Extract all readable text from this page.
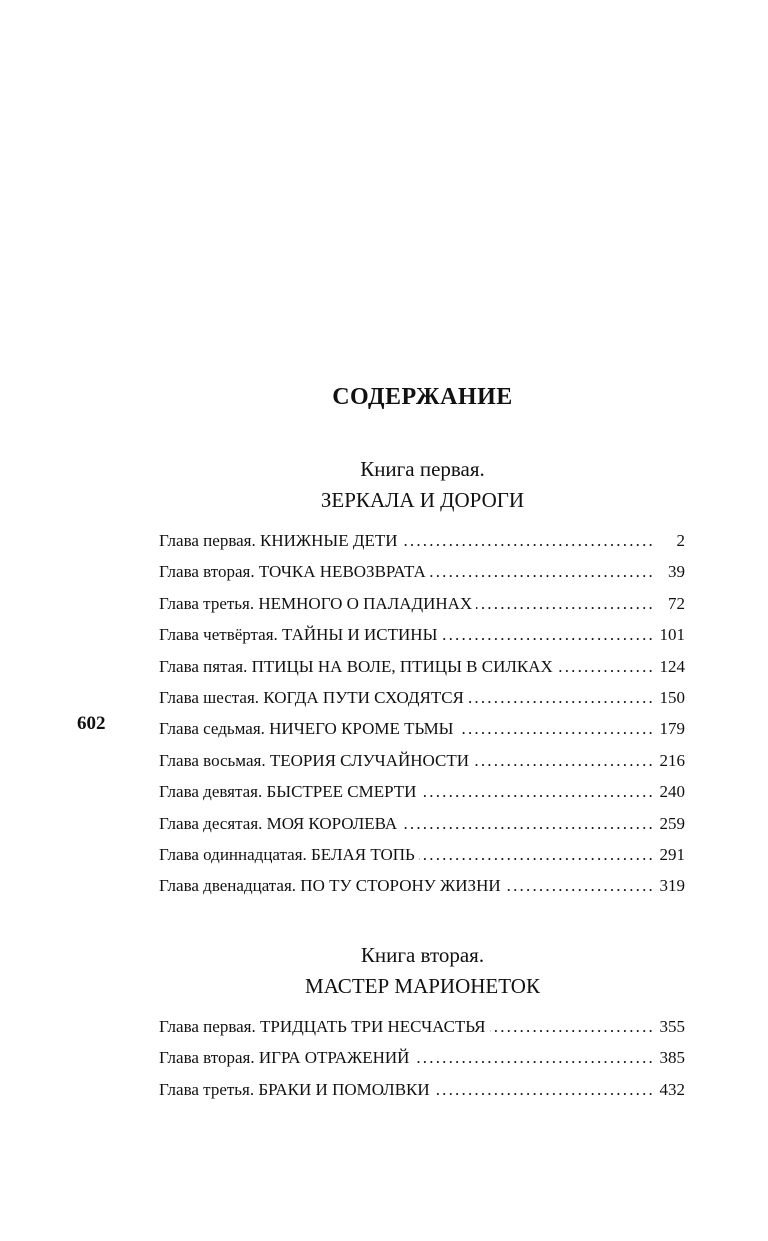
602
СОДЕРЖАНИЕ
Книга первая.
ЗЕРКАЛА И ДОРОГИ
Глава первая. КНИЖНЫЕ ДЕТИ .....	2
Глава вторая. ТОЧКА НЕВОЗВРАТА .....	39
Глава третья. НЕМНОГО О ПАЛАДИНАХ .....	72
Глава четвёртая. ТАЙНЫ И ИСТИНЫ .....	101
Глава пятая. ПТИЦЫ НА ВОЛЕ, ПТИЦЫ В СИЛКАХ .....	124
Глава шестая. КОГДА ПУТИ СХОДЯТСЯ .....	150
Глава седьмая. НИЧЕГО КРОМЕ ТЬМЫ .....	179
Глава восьмая. ТЕОРИЯ СЛУЧАЙНОСТИ .....	216
Глава девятая. БЫСТРЕЕ СМЕРТИ .....	240
Глава десятая. МОЯ КОРОЛЕВА .....	259
Глава одиннадцатая. БЕЛАЯ ТОПЬ .....	291
Глава двенадцатая. ПО ТУ СТОРОНУ ЖИЗНИ .....	319
Книга вторая.
МАСТЕР МАРИОНЕТОК
Глава первая. ТРИДЦАТЬ ТРИ НЕСЧАСТЬЯ .....	355
Глава вторая. ИГРА ОТРАЖЕНИЙ .....	385
Глава третья. БРАКИ И ПОМОЛВКИ .....	432
